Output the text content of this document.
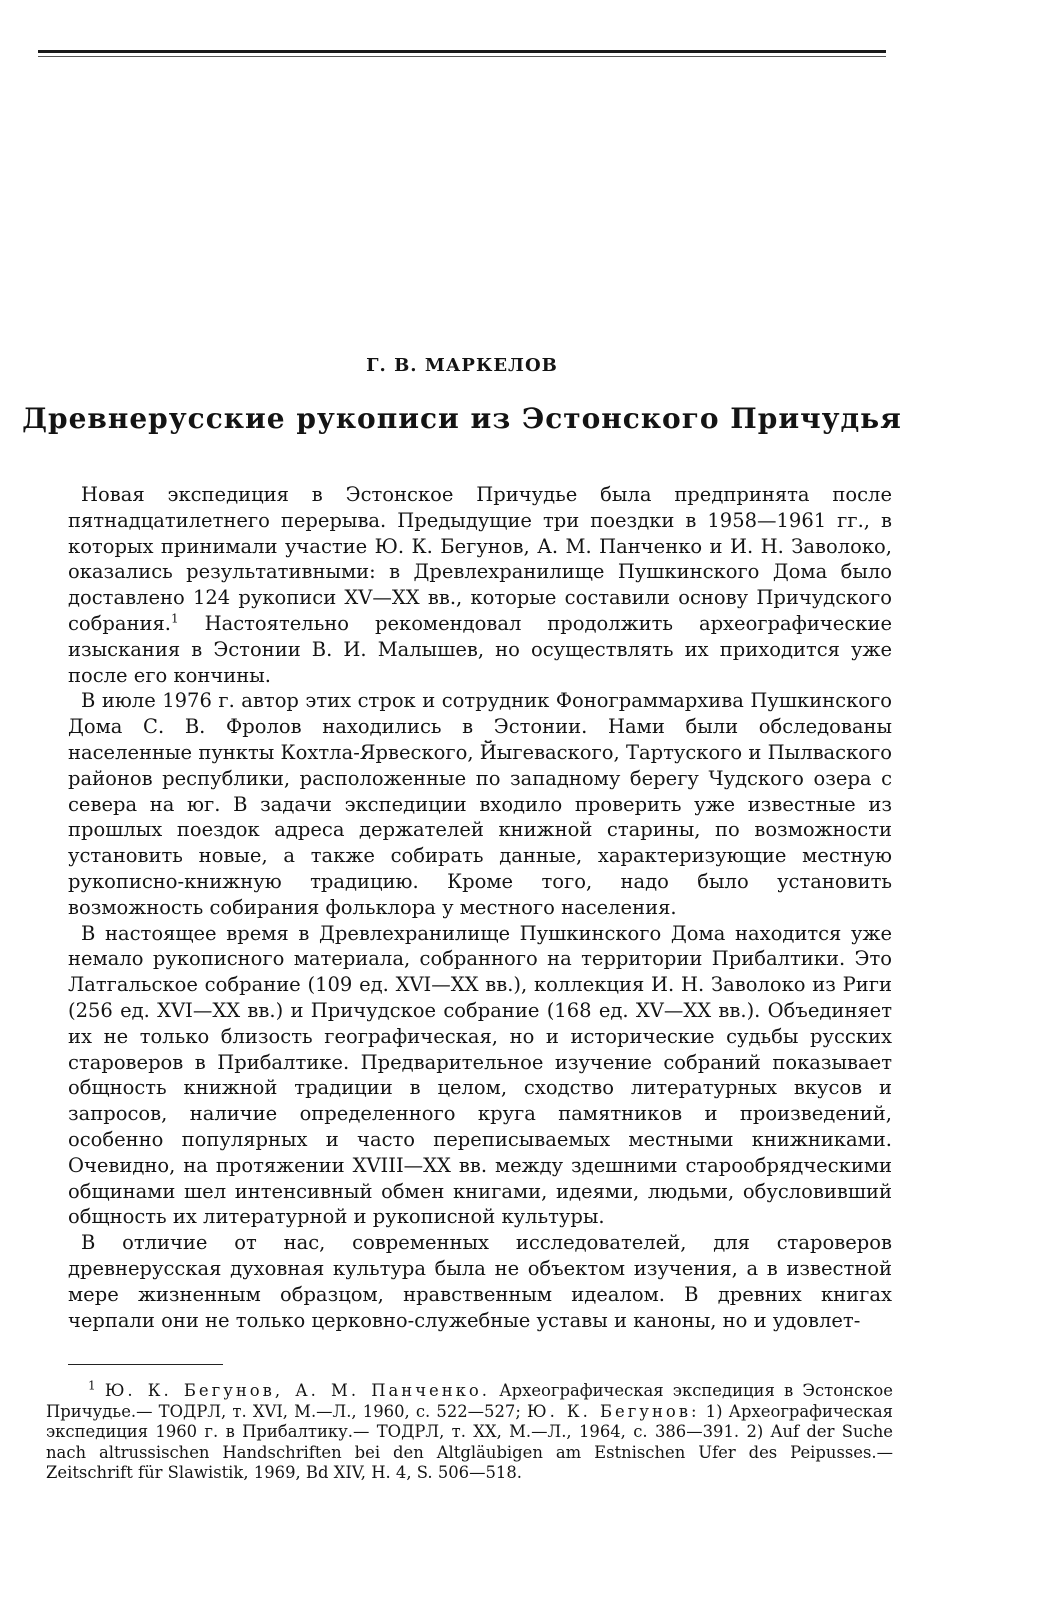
Г. В. МАРКЕЛОВ
Древнерусские рукописи из Эстонского Причудья

Новая экспедиция в Эстонское Причудье была предпринята после пятнадцатилетнего перерыва. Предыдущие три поездки в 1958—1961 гг., в которых принимали участие Ю. К. Бегунов, А. М. Панченко и И. Н. Заволоко, оказались результативными: в Древлехранилище Пушкинского Дома было доставлено 124 рукописи XV—XX вв., которые составили основу Причудского собрания.$^1$ Настоятельно рекомендовал продолжить археографические изыскания в Эстонии В. И. Малышев, но осуществлять их приходится уже после его кончины.

В июле 1976 г. автор этих строк и сотрудник Фонограммархива Пушкинского Дома С. В. Фролов находились в Эстонии. Нами были обследованы населенные пункты Кохтла-Ярвеского, Йыгеваского, Тартуского и Пылваского районов республики, расположенные по западному берегу Чудского озера с севера на юг. В задачи экспедиции входило проверить уже известные из прошлых поездок адреса держателей книжной старины, по возможности установить новые, а также собирать данные, характеризующие местную рукописно-книжную традицию. Кроме того, надо было установить возможность собирания фольклора у местного населения.

В настоящее время в Древлехранилище Пушкинского Дома находится уже немало рукописного материала, собранного на территории Прибалтики. Это Латгальское собрание (109 ед. XVI—XX вв.), коллекция И. Н. Заволоко из Риги (256 ед. XVI—XX вв.) и Причудское собрание (168 ед. XV—XX вв.). Объединяет их не только близость географическая, но и исторические судьбы русских староверов в Прибалтике. Предварительное изучение собраний показывает общность книжной традиции в целом, сходство литературных вкусов и запросов, наличие определенного круга памятников и произведений, особенно популярных и часто переписываемых местными книжниками. Очевидно, на протяжении XVIII—XX вв. между здешними старообрядческими общинами шел интенсивный обмен книгами, идеями, людьми, обусловивший общность их литературной и рукописной культуры.

В отличие от нас, современных исследователей, для староверов древнерусская духовная культура была не объектом изучения, а в известной мере жизненным образцом, нравственным идеалом. В древних книгах черпали они не только церковно-служебные уставы и каноны, но и удовлет-

$^1$ Ю. К. Бегунов, А. М. Панченко. Археографическая экспедиция в Эстонское Причудье.— ТОДРЛ, т. XVI, М.—Л., 1960, с. 522—527; Ю. К. Бегунов: 1) Археографическая экспедиция 1960 г. в Прибалтику.— ТОДРЛ, т. XX, М.—Л., 1964, с. 386—391. 2) Auf der Suche nach altrussischen Handschriften bei den Altgläubigen am Estnischen Ufer des Peipusses.— Zeitschrift für Slawistik, 1969, Bd XIV, H. 4, S. 506—518.
